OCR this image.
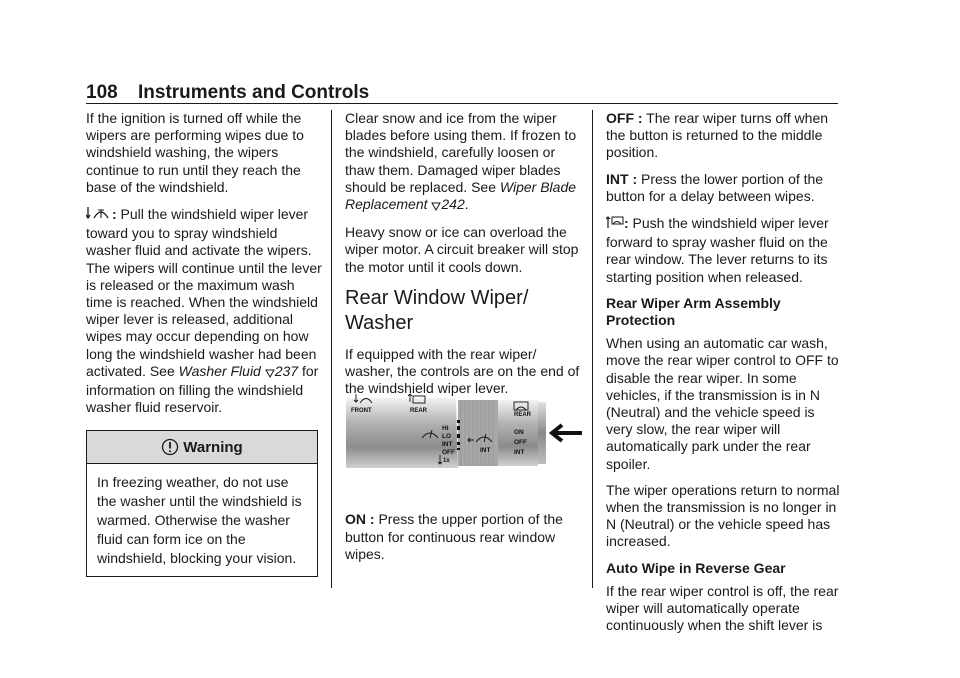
108 Instruments and Controls

If the ignition is turned off while the wipers are performing wipes due to windshield washing, the wipers continue to run until they reach the base of the windshield.

: Pull the windshield wiper lever toward you to spray windshield washer fluid and activate the wipers. The wipers will continue until the lever is released or the maximum wash time is reached. When the windshield wiper lever is released, additional wipes may occur depending on how long the windshield washer had been activated. See Washer Fluid 237 for information on filling the windshield washer fluid reservoir.

Warning
In freezing weather, do not use the washer until the windshield is warmed. Otherwise the washer fluid can form ice on the windshield, blocking your vision.

Clear snow and ice from the wiper blades before using them. If frozen to the windshield, carefully loosen or thaw them. Damaged wiper blades should be replaced. See Wiper Blade Replacement 242.

Heavy snow or ice can overload the wiper motor. A circuit breaker will stop the motor until it cools down.

Rear Window Wiper/ Washer

If equipped with the rear wiper/ washer, the controls are on the end of the windshield wiper lever.

ON : Press the upper portion of the button for continuous rear window wipes.

FRONT	REAR
HI
LO
INT
OFF
1x
INT
REAR
ON
OFF
INT

OFF : The rear wiper turns off when the button is returned to the middle position.

INT : Press the lower portion of the button for a delay between wipes.

: Push the windshield wiper lever forward to spray washer fluid on the rear window. The lever returns to its starting position when released.

Rear Wiper Arm Assembly Protection

When using an automatic car wash, move the rear wiper control to OFF to disable the rear wiper. In some vehicles, if the transmission is in N (Neutral) and the vehicle speed is very slow, the rear wiper will automatically park under the rear spoiler.

The wiper operations return to normal when the transmission is no longer in N (Neutral) or the vehicle speed has increased.

Auto Wipe in Reverse Gear

If the rear wiper control is off, the rear wiper will automatically operate continuously when the shift lever is
